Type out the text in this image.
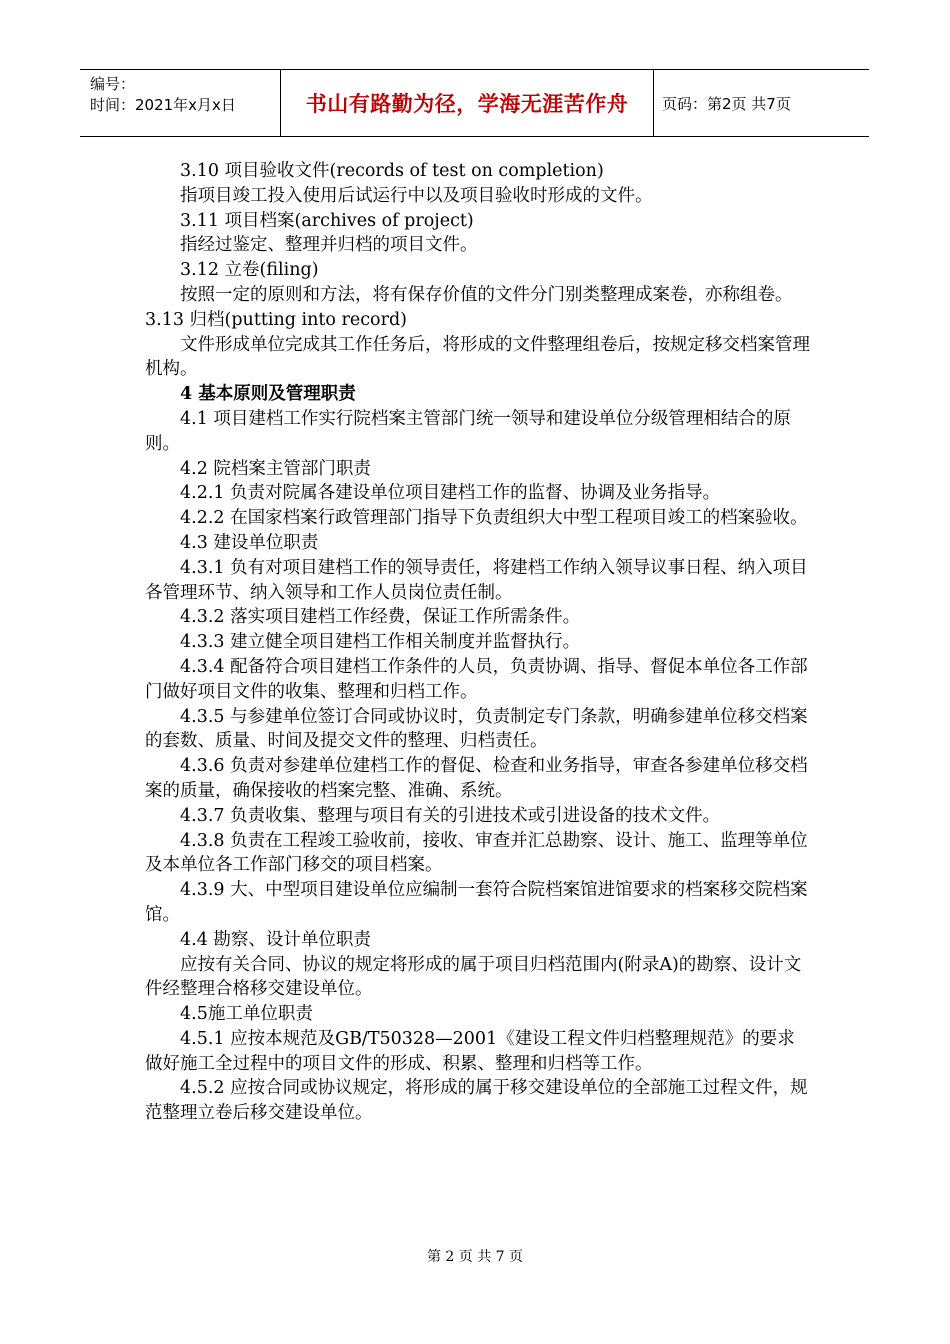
编号：
时间：2021年x月x日	书山有路勤为径，学海无涯苦作舟	页码：第2页 共7页

3.10 项目验收文件(records of test on completion)

指项目竣工投入使用后试运行中以及项目验收时形成的文件。

3.11 项目档案(archives of project)

指经过鉴定、整理并归档的项目文件。

3.12 立卷(filing)

按照一定的原则和方法，将有保存价值的文件分门别类整理成案卷，亦称组卷。

3.13 归档(putting into record)

文件形成单位完成其工作任务后，将形成的文件整理组卷后，按规定移交档案管理机构。

4 基本原则及管理职责

4.1 项目建档工作实行院档案主管部门统一领导和建设单位分级管理相结合的原则。

4.2 院档案主管部门职责

4.2.1 负责对院属各建设单位项目建档工作的监督、协调及业务指导。

4.2.2 在国家档案行政管理部门指导下负责组织大中型工程项目竣工的档案验收。

4.3 建设单位职责

4.3.1 负有对项目建档工作的领导责任，将建档工作纳入领导议事日程、纳入项目各管理环节、纳入领导和工作人员岗位责任制。

4.3.2 落实项目建档工作经费，保证工作所需条件。

4.3.3 建立健全项目建档工作相关制度并监督执行。

4.3.4 配备符合项目建档工作条件的人员，负责协调、指导、督促本单位各工作部门做好项目文件的收集、整理和归档工作。

4.3.5 与参建单位签订合同或协议时，负责制定专门条款，明确参建单位移交档案的套数、质量、时间及提交文件的整理、归档责任。

4.3.6 负责对参建单位建档工作的督促、检查和业务指导，审查各参建单位移交档案的质量，确保接收的档案完整、准确、系统。

4.3.7 负责收集、整理与项目有关的引进技术或引进设备的技术文件。

4.3.8 负责在工程竣工验收前，接收、审查并汇总勘察、设计、施工、监理等单位及本单位各工作部门移交的项目档案。

4.3.9 大、中型项目建设单位应编制一套符合院档案馆进馆要求的档案移交院档案馆。

4.4 勘察、设计单位职责

应按有关合同、协议的规定将形成的属于项目归档范围内(附录A)的勘察、设计文件经整理合格移交建设单位。

4.5施工单位职责

4.5.1 应按本规范及GB/T50328—2001《建设工程文件归档整理规范》的要求做好施工全过程中的项目文件的形成、积累、整理和归档等工作。

4.5.2 应按合同或协议规定，将形成的属于移交建设单位的全部施工过程文件，规范整理立卷后移交建设单位。

第 2 页 共 7 页
